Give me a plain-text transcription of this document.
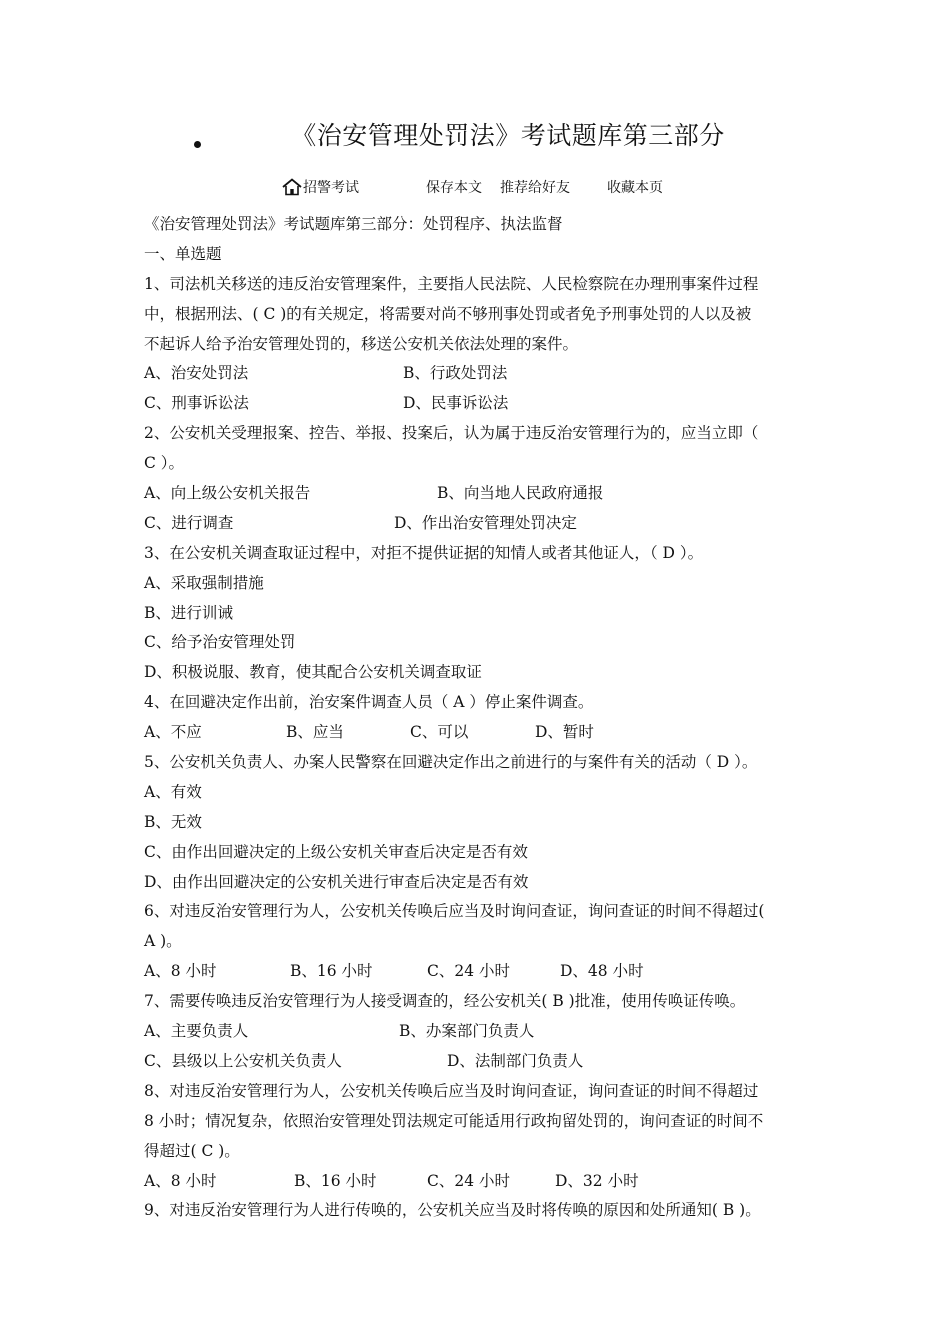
《治安管理处罚法》考试题库第三部分
招警考试	保存本文 推荐给好友	收藏本页
《治安管理处罚法》考试题库第三部分：处罚程序、执法监督
一、单选题
1、司法机关移送的违反治安管理案件，主要指人民法院、人民检察院在办理刑事案件过程
中，根据刑法、( C )的有关规定，将需要对尚不够刑事处罚或者免予刑事处罚的人以及被
不起诉人给予治安管理处罚的，移送公安机关依法处理的案件。
A、治安处罚法	B、行政处罚法
C、刑事诉讼法	D、民事诉讼法
2、公安机关受理报案、控告、举报、投案后，认为属于违反治安管理行为的，应当立即（
C ）。
A、向上级公安机关报告	B、向当地人民政府通报
C、进行调查	D、作出治安管理处罚决定
3、在公安机关调查取证过程中，对拒不提供证据的知情人或者其他证人，（ D ）。
A、采取强制措施
B、进行训诫
C、给予治安管理处罚
D、积极说服、教育，使其配合公安机关调查取证
4、在回避决定作出前，治安案件调查人员（ A ）停止案件调查。
A、不应	B、应当	C、可以	D、暂时
5、公安机关负责人、办案人民警察在回避决定作出之前进行的与案件有关的活动（ D ）。
A、有效
B、无效
C、由作出回避决定的上级公安机关审查后决定是否有效
D、由作出回避决定的公安机关进行审查后决定是否有效
6、对违反治安管理行为人，公安机关传唤后应当及时询问查证，询问查证的时间不得超过(
A )。
A、8 小时	B、16 小时	C、24 小时	D、48 小时
7、需要传唤违反治安管理行为人接受调查的，经公安机关( B )批准，使用传唤证传唤。
A、主要负责人	B、办案部门负责人
C、县级以上公安机关负责人	D、法制部门负责人
8、对违反治安管理行为人，公安机关传唤后应当及时询问查证，询问查证的时间不得超过
8 小时；情况复杂，依照治安管理处罚法规定可能适用行政拘留处罚的，询问查证的时间不
得超过( C )。
A、8 小时	B、16 小时	C、24 小时	D、32 小时
9、对违反治安管理行为人进行传唤的，公安机关应当及时将传唤的原因和处所通知( B )。
